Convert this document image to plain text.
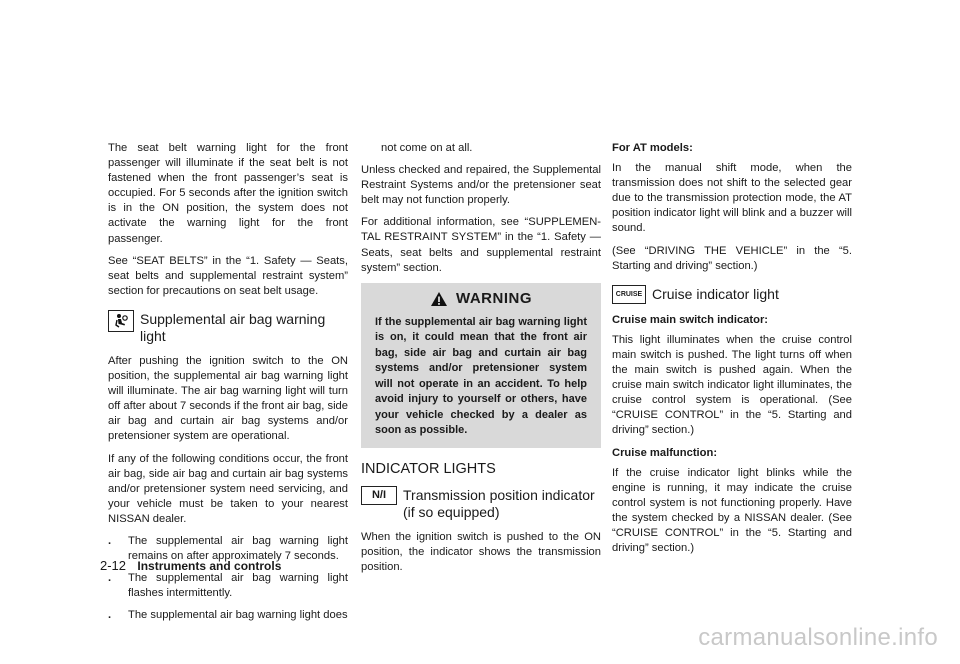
The seat belt warning light for the front passenger will illuminate if the seat belt is not fastened when the front passenger’s seat is occupied. For 5 seconds after the ignition switch is in the ON position, the system does not activate the warning light for the front passenger.

See “SEAT BELTS” in the “1. Safety — Seats, seat belts and supplemental restraint system” section for precautions on seat belt usage.

Supplemental air bag warning light

After pushing the ignition switch to the ON position, the supplemental air bag warning light will illuminate. The air bag warning light will turn off after about 7 seconds if the front air bag, side air bag and curtain air bag systems and/or pretensioner system are operational.

If any of the following conditions occur, the front air bag, side air bag and curtain air bag systems and/or pretensioner system need servicing, and your vehicle must be taken to your nearest NISSAN dealer.

.	The supplemental air bag warning light remains on after approximately 7 seconds.
.	The supplemental air bag warning light flashes intermittently.
.	The supplemental air bag warning light does

not come on at all.

Unless checked and repaired, the Supplemental Restraint Systems and/or the pretensioner seat belt may not function properly.

For additional information, see “SUPPLEMEN-TAL RESTRAINT SYSTEM” in the “1. Safety — Seats, seat belts and supplemental restraint system” section.

WARNING
If the supplemental air bag warning light is on, it could mean that the front air bag, side air bag and curtain air bag systems and/or pretensioner system will not operate in an accident. To help avoid injury to yourself or others, have your vehicle checked by a dealer as soon as possible.
INDICATOR LIGHTS
N/I	Transmission position indicator
(if so equipped)

When the ignition switch is pushed to the ON position, the indicator shows the transmission position.

For AT models:

In the manual shift mode, when the transmission does not shift to the selected gear due to the transmission protection mode, the AT position indicator light will blink and a buzzer will sound.

(See “DRIVING THE VEHICLE” in the “5. Starting and driving” section.)

CRUISE Cruise indicator light
Cruise main switch indicator:

This light illuminates when the cruise control main switch is pushed. The light turns off when the main switch is pushed again. When the cruise main switch indicator light illuminates, the cruise control system is operational. (See “CRUISE CONTROL” in the “5. Starting and driving” section.)

Cruise malfunction:

If the cruise indicator light blinks while the engine is running, it may indicate the cruise control system is not functioning properly. Have the system checked by a NISSAN dealer. (See “CRUISE CONTROL” in the “5. Starting and driving” section.)

2-12 Instruments and controls
carmanualsonline.info
